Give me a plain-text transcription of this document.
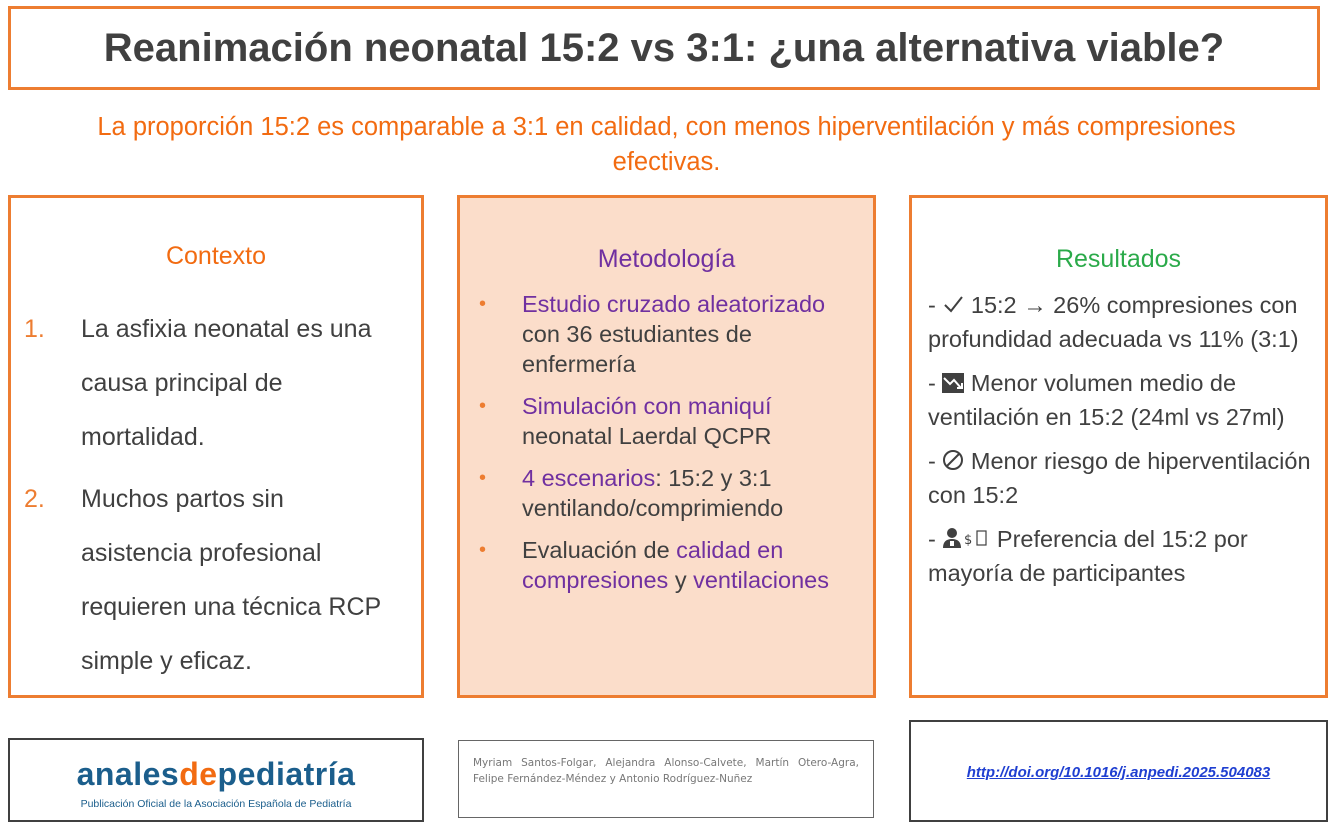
Reanimación neonatal 15:2 vs 3:1: ¿una alternativa viable?
La proporción 15:2 es comparable a 3:1 en calidad, con menos hiperventilación y más compresiones efectivas.
Contexto
1. La asfixia neonatal es una causa principal de mortalidad.
2. Muchos partos sin asistencia profesional requieren una técnica RCP simple y eficaz.
Metodología
• Estudio cruzado aleatorizado con 36 estudiantes de enfermería
• Simulación con maniquí neonatal Laerdal QCPR
• 4 escenarios: 15:2 y 3:1 ventilando/comprimiendo
• Evaluación de calidad en compresiones y ventilaciones
Resultados
-  15:2 → 26% compresiones con profundidad adecuada vs 11% (3:1)
-  Menor volumen medio de ventilación en 15:2 (24ml vs 27ml)
-  Menor riesgo de hiperventilación con 15:2
- $ Preferencia del 15:2 por mayoría de participantes
analesdepediatría
Publicación Oficial de la Asociación Española de Pediatría
Myriam Santos-Folgar, Alejandra Alonso-Calvete, Martín Otero-Agra, Felipe Fernández-Méndez y Antonio Rodríguez-Nuñez	http://doi.org/10.1016/j.anpedi.2025.504083
